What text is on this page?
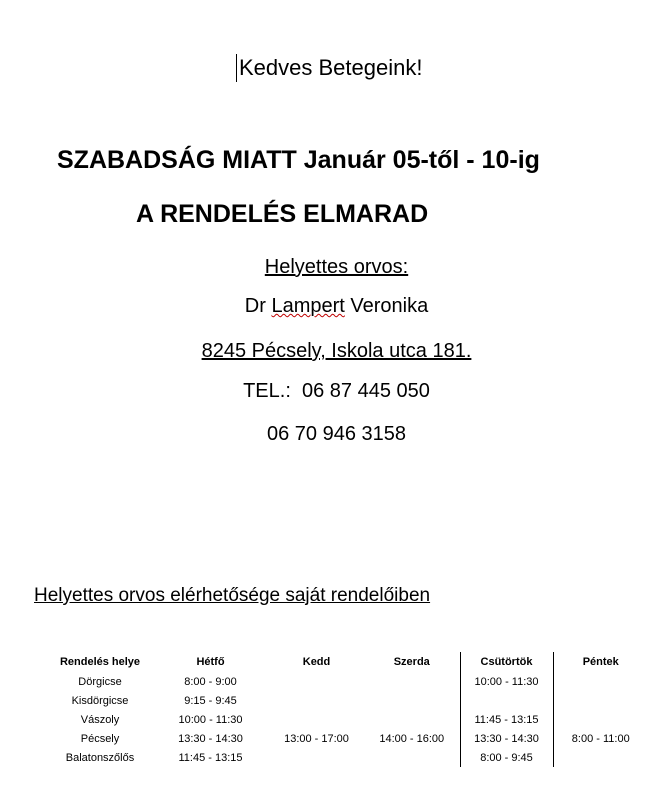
Kedves Betegeink!
SZABADSÁG MIATT Január 05-től - 10-ig
A RENDELÉS ELMARAD
Helyettes orvos:
Dr Lampert Veronika
8245 Pécsely, Iskola utca 181.
TEL.:  06 87 445 050
06 70 946 3158
Helyettes orvos elérhetősége saját rendelőiben
Rendelés helye	Hétfő	Kedd	Szerda	Csütörtök	Péntek
Dörgicse	8:00 - 9:00			10:00 - 11:30	
Kisdörgicse	9:15 - 9:45				
Vászoly	10:00 - 11:30			11:45 - 13:15	
Pécsely	13:30 - 14:30	13:00 - 17:00	14:00 - 16:00	13:30 - 14:30	8:00 - 11:00
Balatonszőlős	11:45 - 13:15			8:00 - 9:45	
